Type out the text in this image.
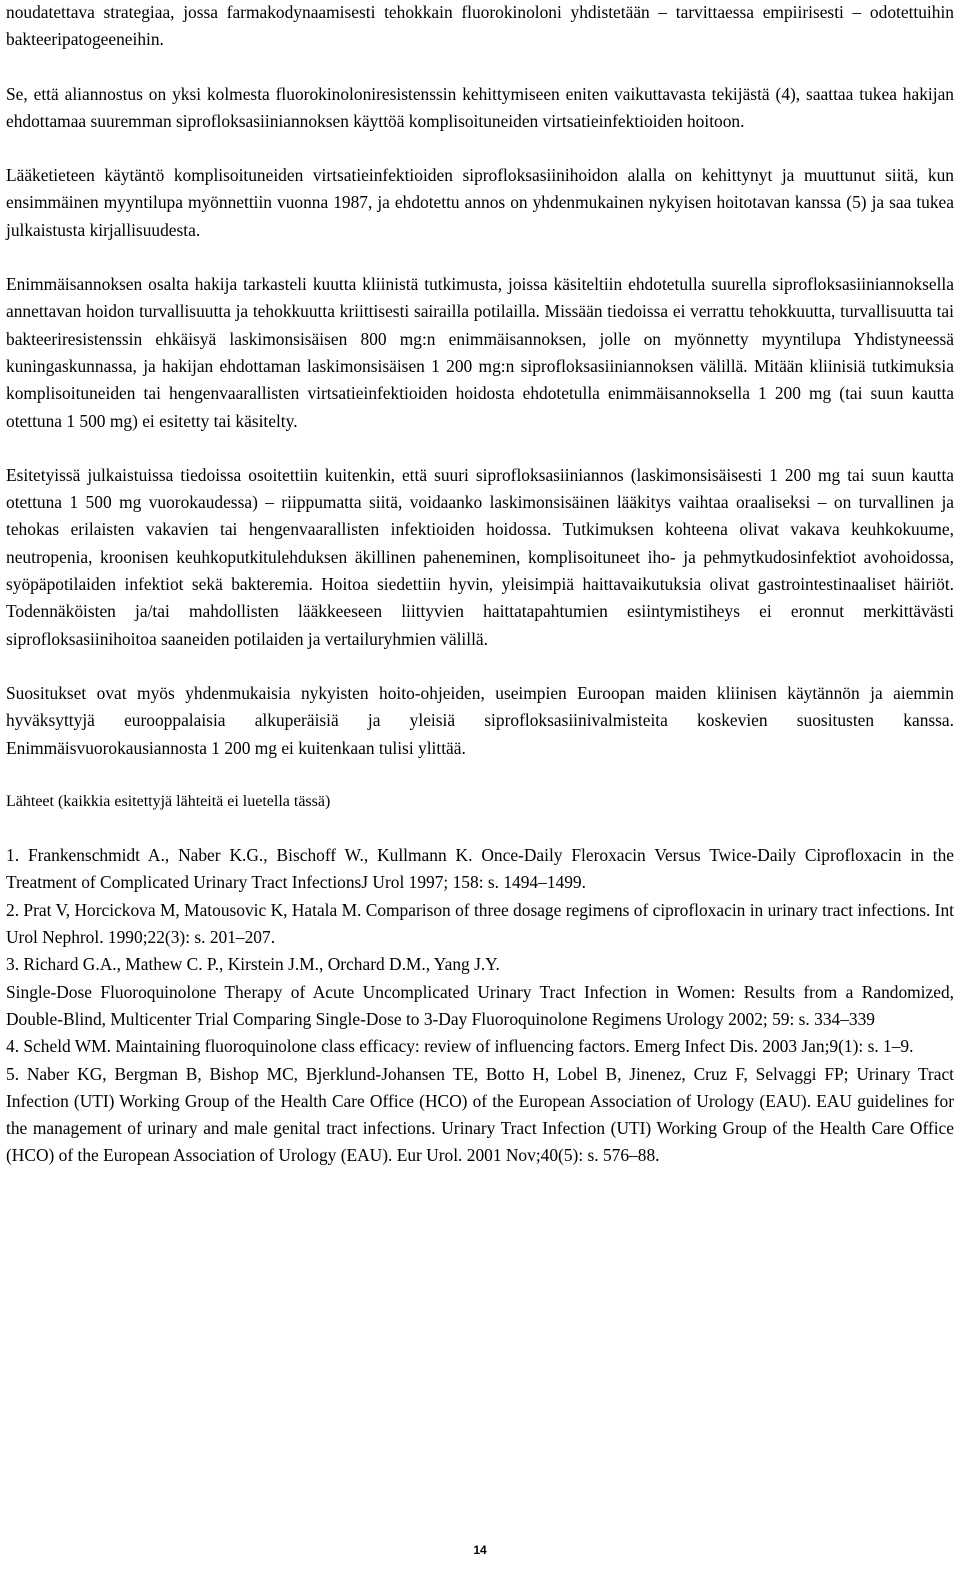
noudatettava strategiaa, jossa farmakodynaamisesti tehokkain fluorokinoloni yhdistetään – tarvittaessa empiirisesti – odotettuihin bakteeripatogeeneihin.

Se, että aliannostus on yksi kolmesta fluorokinoloniresistenssin kehittymiseen eniten vaikuttavasta tekijästä (4), saattaa tukea hakijan ehdottamaa suuremman siprofloksasiiniannoksen käyttöä komplisoituneiden virtsatieinfektioiden hoitoon.

Lääketieteen käytäntö komplisoituneiden virtsatieinfektioiden siprofloksasiinihoidon alalla on kehittynyt ja muuttunut siitä, kun ensimmäinen myyntilupa myönnettiin vuonna 1987, ja ehdotettu annos on yhdenmukainen nykyisen hoitotavan kanssa (5) ja saa tukea julkaistusta kirjallisuudesta.

Enimmäisannoksen osalta hakija tarkasteli kuutta kliinistä tutkimusta, joissa käsiteltiin ehdotetulla suurella siprofloksasiiniannoksella annettavan hoidon turvallisuutta ja tehokkuutta kriittisesti sairailla potilailla. Missään tiedoissa ei verrattu tehokkuutta, turvallisuutta tai bakteeriresistenssin ehkäisyä laskimonsisäisen 800 mg:n enimmäisannoksen, jolle on myönnetty myyntilupa Yhdistyneessä kuningaskunnassa, ja hakijan ehdottaman laskimonsisäisen 1 200 mg:n siprofloksasiiniannoksen välillä. Mitään kliinisiä tutkimuksia komplisoituneiden tai hengenvaarallisten virtsatieinfektioiden hoidosta ehdotetulla enimmäisannoksella 1 200 mg (tai suun kautta otettuna 1 500 mg) ei esitetty tai käsitelty.

Esitetyissä julkaistuissa tiedoissa osoitettiin kuitenkin, että suuri siprofloksasiiniannos (laskimonsisäisesti 1 200 mg tai suun kautta otettuna 1 500 mg vuorokaudessa) – riippumatta siitä, voidaanko laskimonsisäinen lääkitys vaihtaa oraaliseksi – on turvallinen ja tehokas erilaisten vakavien tai hengenvaarallisten infektioiden hoidossa. Tutkimuksen kohteena olivat vakava keuhkokuume, neutropenia, kroonisen keuhkoputkitulehduksen äkillinen paheneminen, komplisoituneet iho- ja pehmytkudosinfektiot avohoidossa, syöpäpotilaiden infektiot sekä bakteremia. Hoitoa siedettiin hyvin, yleisimpiä haittavaikutuksia olivat gastrointestinaaliset häiriöt. Todennäköisten ja/tai mahdollisten lääkkeeseen liittyvien haittatapahtumien esiintymistiheys ei eronnut merkittävästi siprofloksasiinihoitoa saaneiden potilaiden ja vertailuryhmien välillä.

Suositukset ovat myös yhdenmukaisia nykyisten hoito-ohjeiden, useimpien Euroopan maiden kliinisen käytännön ja aiemmin hyväksyttyjä eurooppalaisia alkuperäisiä ja yleisiä siprofloksasiinivalmisteita koskevien suositusten kanssa. Enimmäisvuorokausiannosta 1 200 mg ei kuitenkaan tulisi ylittää.

Lähteet (kaikkia esitettyjä lähteitä ei luetella tässä)

1. Frankenschmidt A., Naber K.G., Bischoff W., Kullmann K. Once-Daily Fleroxacin Versus Twice-Daily Ciprofloxacin in the Treatment of Complicated Urinary Tract InfectionsJ Urol 1997; 158: s. 1494–1499.

2. Prat V, Horcickova M, Matousovic K, Hatala M. Comparison of three dosage regimens of ciprofloxacin in urinary tract infections. Int Urol Nephrol. 1990;22(3): s. 201–207.

3. Richard G.A., Mathew C. P., Kirstein J.M., Orchard D.M., Yang J.Y.

Single-Dose Fluoroquinolone Therapy of Acute Uncomplicated Urinary Tract Infection in Women: Results from a Randomized, Double-Blind, Multicenter Trial Comparing Single-Dose to 3-Day Fluoroquinolone Regimens Urology 2002; 59: s. 334–339

4. Scheld WM. Maintaining fluoroquinolone class efficacy: review of influencing factors. Emerg Infect Dis. 2003 Jan;9(1): s. 1–9.

5. Naber KG, Bergman B, Bishop MC, Bjerklund-Johansen TE, Botto H, Lobel B, Jinenez, Cruz F, Selvaggi FP; Urinary Tract Infection (UTI) Working Group of the Health Care Office (HCO) of the European Association of Urology (EAU). EAU guidelines for the management of urinary and male genital tract infections. Urinary Tract Infection (UTI) Working Group of the Health Care Office (HCO) of the European Association of Urology (EAU). Eur Urol. 2001 Nov;40(5): s. 576–88.

14
